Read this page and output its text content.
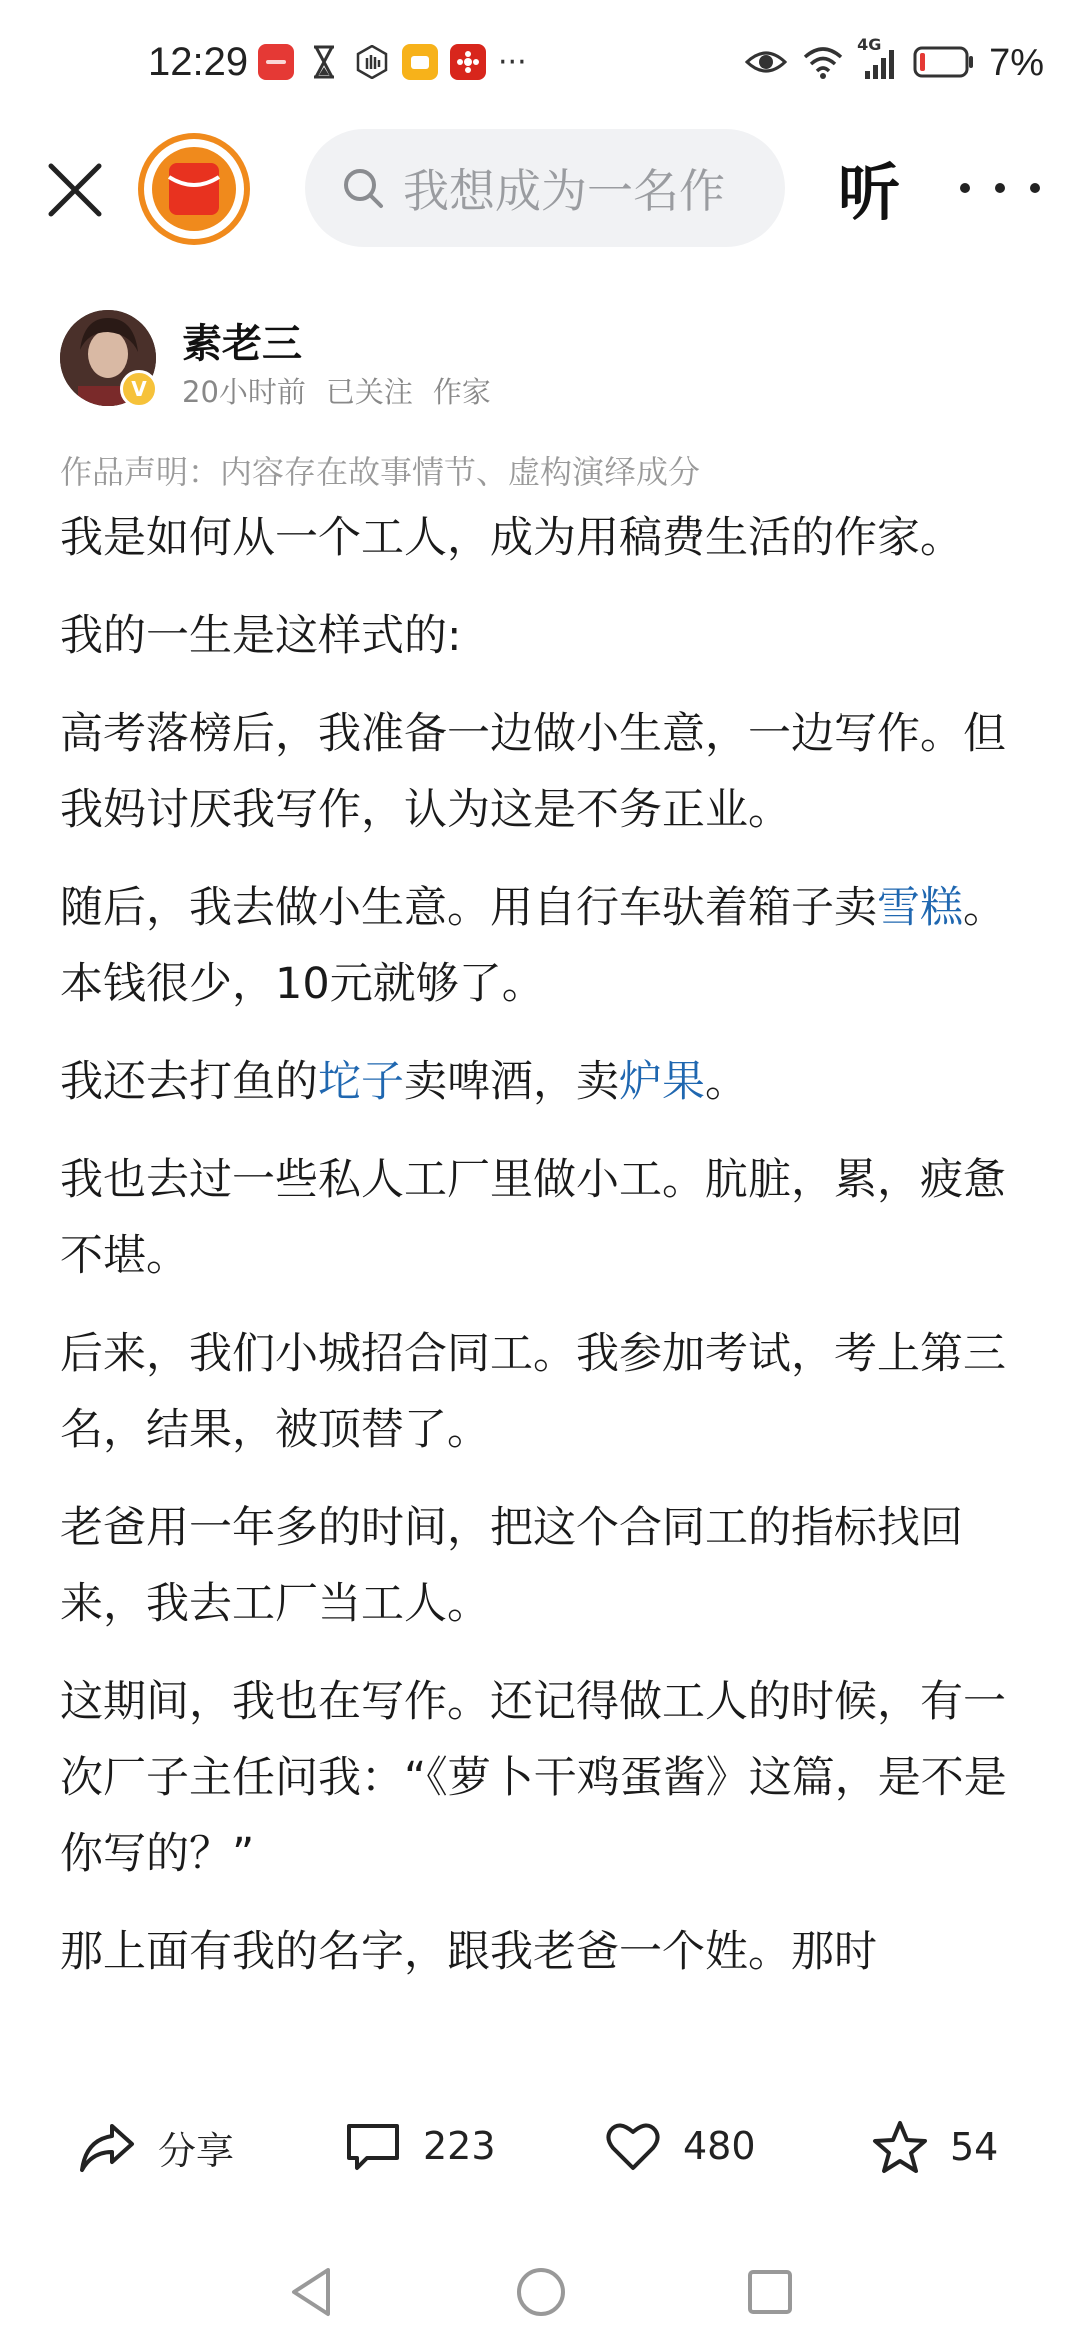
12:29	···
4G	7%
我想成为一名作 听
V
素老三
20小时前 已关注 作家
作品声明：内容存在故事情节、虚构演绎成分

我是如何从一个工人，成为用稿费生活的作家。

我的一生是这样式的:

高考落榜后，我准备一边做小生意，一边写作。但我妈讨厌我写作，认为这是不务正业。

随后，我去做小生意。用自行车驮着箱子卖雪糕。本钱很少，10元就够了。

我还去打鱼的坨子卖啤酒，卖炉果。

我也去过一些私人工厂里做小工。肮脏，累，疲惫不堪。

后来，我们小城招合同工。我参加考试，考上第三名，结果，被顶替了。

老爸用一年多的时间，把这个合同工的指标找回来，我去工厂当工人。

这期间，我也在写作。还记得做工人的时候，有一次厂子主任问我：“《萝卜干鸡蛋酱》这篇，是不是你写的？”

那上面有我的名字，跟我老爸一个姓。那时

分享	223	480	54
